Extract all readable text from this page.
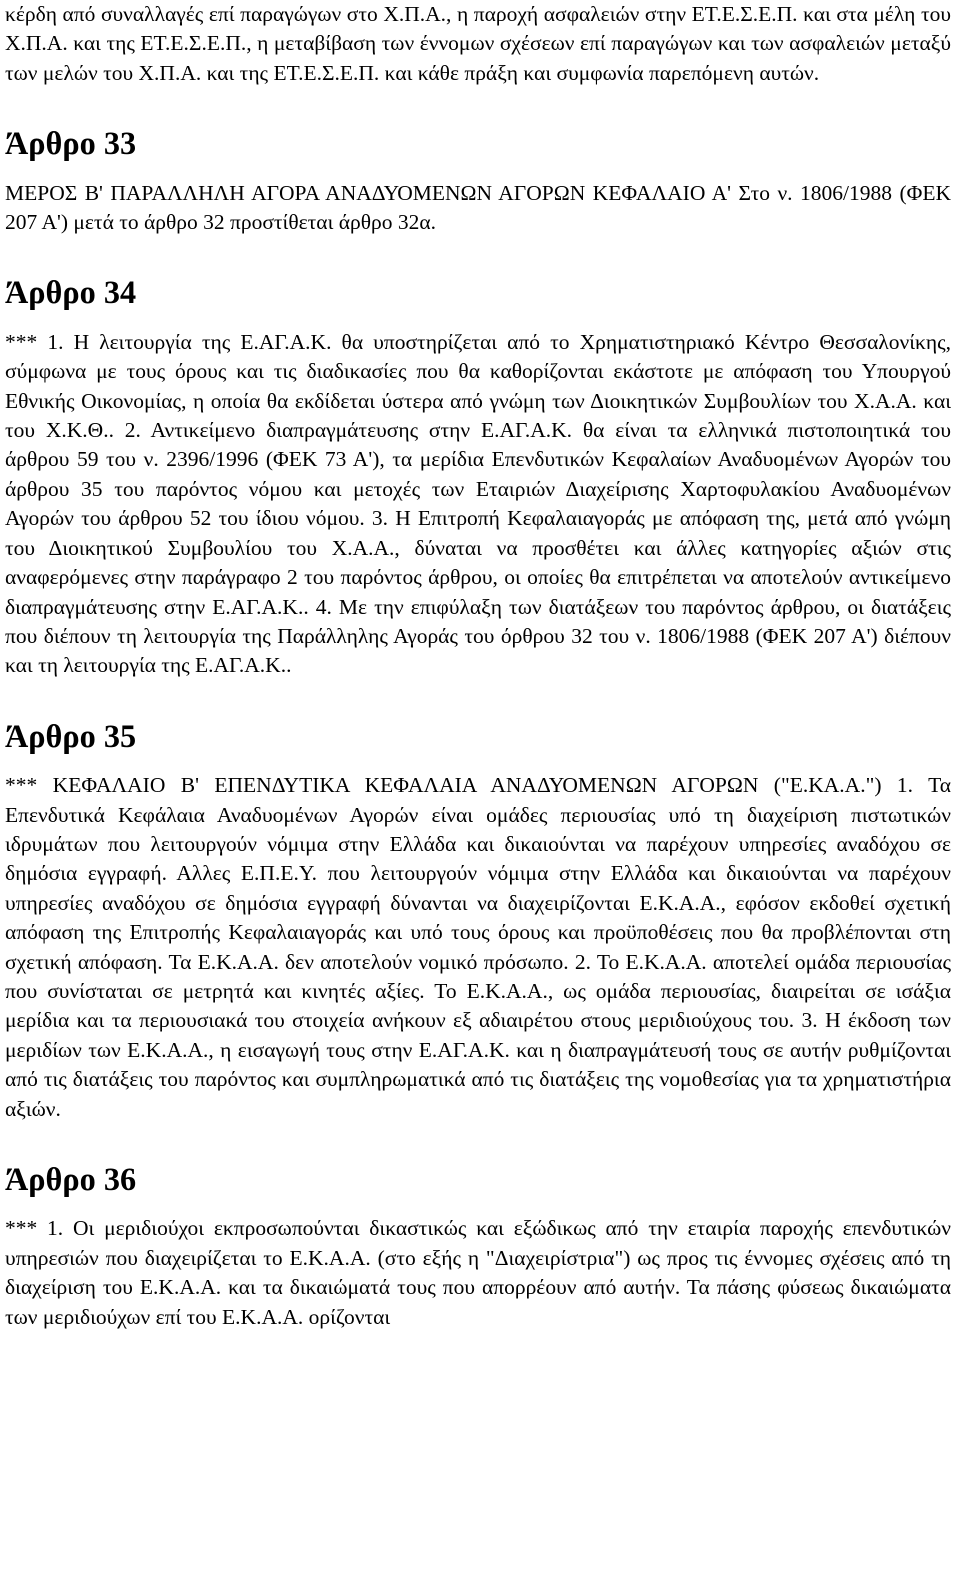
κέρδη από συναλλαγές επί παραγώγων στο Χ.Π.Α., η παροχή ασφαλειών στην ΕΤ.Ε.Σ.Ε.Π. και στα μέλη του Χ.Π.Α. και της ΕΤ.Ε.Σ.Ε.Π., η μεταβίβαση των έννομων σχέσεων επί παραγώγων και των ασφαλειών μεταξύ των μελών του Χ.Π.Α. και της ΕΤ.Ε.Σ.Ε.Π. και κάθε πράξη και συμφωνία παρεπόμενη αυτών.

Άρθρο 33

ΜΕΡΟΣ Β' ΠΑΡΑΛΛΗΛΗ ΑΓΟΡΑ ΑΝΑΔΥΟΜΕΝΩΝ ΑΓΟΡΩΝ ΚΕΦΑΛΑΙΟ Α' Στο ν. 1806/1988 (ΦΕΚ 207 Α') μετά το άρθρο 32 προστίθεται άρθρο 32α.

Άρθρο 34

*** 1. Η λειτουργία της Ε.ΑΓ.Α.Κ. θα υποστηρίζεται από το Χρηματιστηριακό Κέντρο Θεσσαλονίκης, σύμφωνα με τους όρους και τις διαδικασίες που θα καθορίζονται εκάστοτε με απόφαση του Υπουργού Εθνικής Οικονομίας, η οποία θα εκδίδεται ύστερα από γνώμη των Διοικητικών Συμβουλίων του Χ.Α.Α. και του Χ.Κ.Θ.. 2. Αντικείμενο διαπραγμάτευσης στην Ε.ΑΓ.Α.Κ. θα είναι τα ελληνικά πιστοποιητικά του άρθρου 59 του ν. 2396/1996 (ΦΕΚ 73 Α'), τα μερίδια Επενδυτικών Κεφαλαίων Αναδυομένων Αγορών του άρθρου 35 του παρόντος νόμου και μετοχές των Εταιριών Διαχείρισης Χαρτοφυλακίου Αναδυομένων Αγορών του άρθρου 52 του ίδιου νόμου. 3. Η Επιτροπή Κεφαλαιαγοράς με απόφαση της, μετά από γνώμη του Διοικητικού Συμβουλίου του Χ.Α.Α., δύναται να προσθέτει και άλλες κατηγορίες αξιών στις αναφερόμενες στην παράγραφο 2 του παρόντος άρθρου, οι οποίες θα επιτρέπεται να αποτελούν αντικείμενο διαπραγμάτευσης στην Ε.ΑΓ.Α.Κ.. 4. Με την επιφύλαξη των διατάξεων του παρόντος άρθρου, οι διατάξεις που διέπουν τη λειτουργία της Παράλληλης Αγοράς του όρθρου 32 του ν. 1806/1988 (ΦΕΚ 207 Α') διέπουν και τη λειτουργία της Ε.ΑΓ.Α.Κ..

Άρθρο 35

*** ΚΕΦΑΛΑΙΟ Β' ΕΠΕΝΔΥΤΙΚΑ ΚΕΦΑΛΑΙΑ ΑΝΑΔΥΟΜΕΝΩΝ ΑΓΟΡΩΝ ("Ε.ΚΑ.Α.") 1. Τα Επενδυτικά Κεφάλαια Αναδυομένων Αγορών είναι ομάδες περιουσίας υπό τη διαχείριση πιστωτικών ιδρυμάτων που λειτουργούν νόμιμα στην Ελλάδα και δικαιούνται να παρέχουν υπηρεσίες αναδόχου σε δημόσια εγγραφή. Αλλες Ε.Π.Ε.Υ. που λειτουργούν νόμιμα στην Ελλάδα και δικαιούνται να παρέχουν υπηρεσίες αναδόχου σε δημόσια εγγραφή δύνανται να διαχειρίζονται Ε.Κ.Α.Α., εφόσον εκδοθεί σχετική απόφαση της Επιτροπής Κεφαλαιαγοράς και υπό τους όρους και προϋποθέσεις που θα προβλέπονται στη σχετική απόφαση. Τα Ε.Κ.Α.Α. δεν αποτελούν νομικό πρόσωπο. 2. Το Ε.Κ.Α.Α. αποτελεί ομάδα περιουσίας που συνίσταται σε μετρητά και κινητές αξίες. Το Ε.Κ.Α.Α., ως ομάδα περιουσίας, διαιρείται σε ισάξια μερίδια και τα περιουσιακά του στοιχεία ανήκουν εξ αδιαιρέτου στους μεριδιούχους του. 3. Η έκδοση των μεριδίων των Ε.Κ.Α.Α., η εισαγωγή τους στην Ε.ΑΓ.Α.Κ. και η διαπραγμάτευσή τους σε αυτήν ρυθμίζονται από τις διατάξεις του παρόντος και συμπληρωματικά από τις διατάξεις της νομοθεσίας για τα χρηματιστήρια αξιών.

Άρθρο 36

*** 1. Οι μεριδιούχοι εκπροσωπούνται δικαστικώς και εξώδικως από την εταιρία παροχής επενδυτικών υπηρεσιών που διαχειρίζεται το Ε.Κ.Α.Α. (στο εξής η "Διαχειρίστρια") ως προς τις έννομες σχέσεις από τη διαχείριση του Ε.Κ.Α.Α. και τα δικαιώματά τους που απορρέουν από αυτήν. Τα πάσης φύσεως δικαιώματα των μεριδιούχων επί του Ε.Κ.Α.Α. ορίζονται
